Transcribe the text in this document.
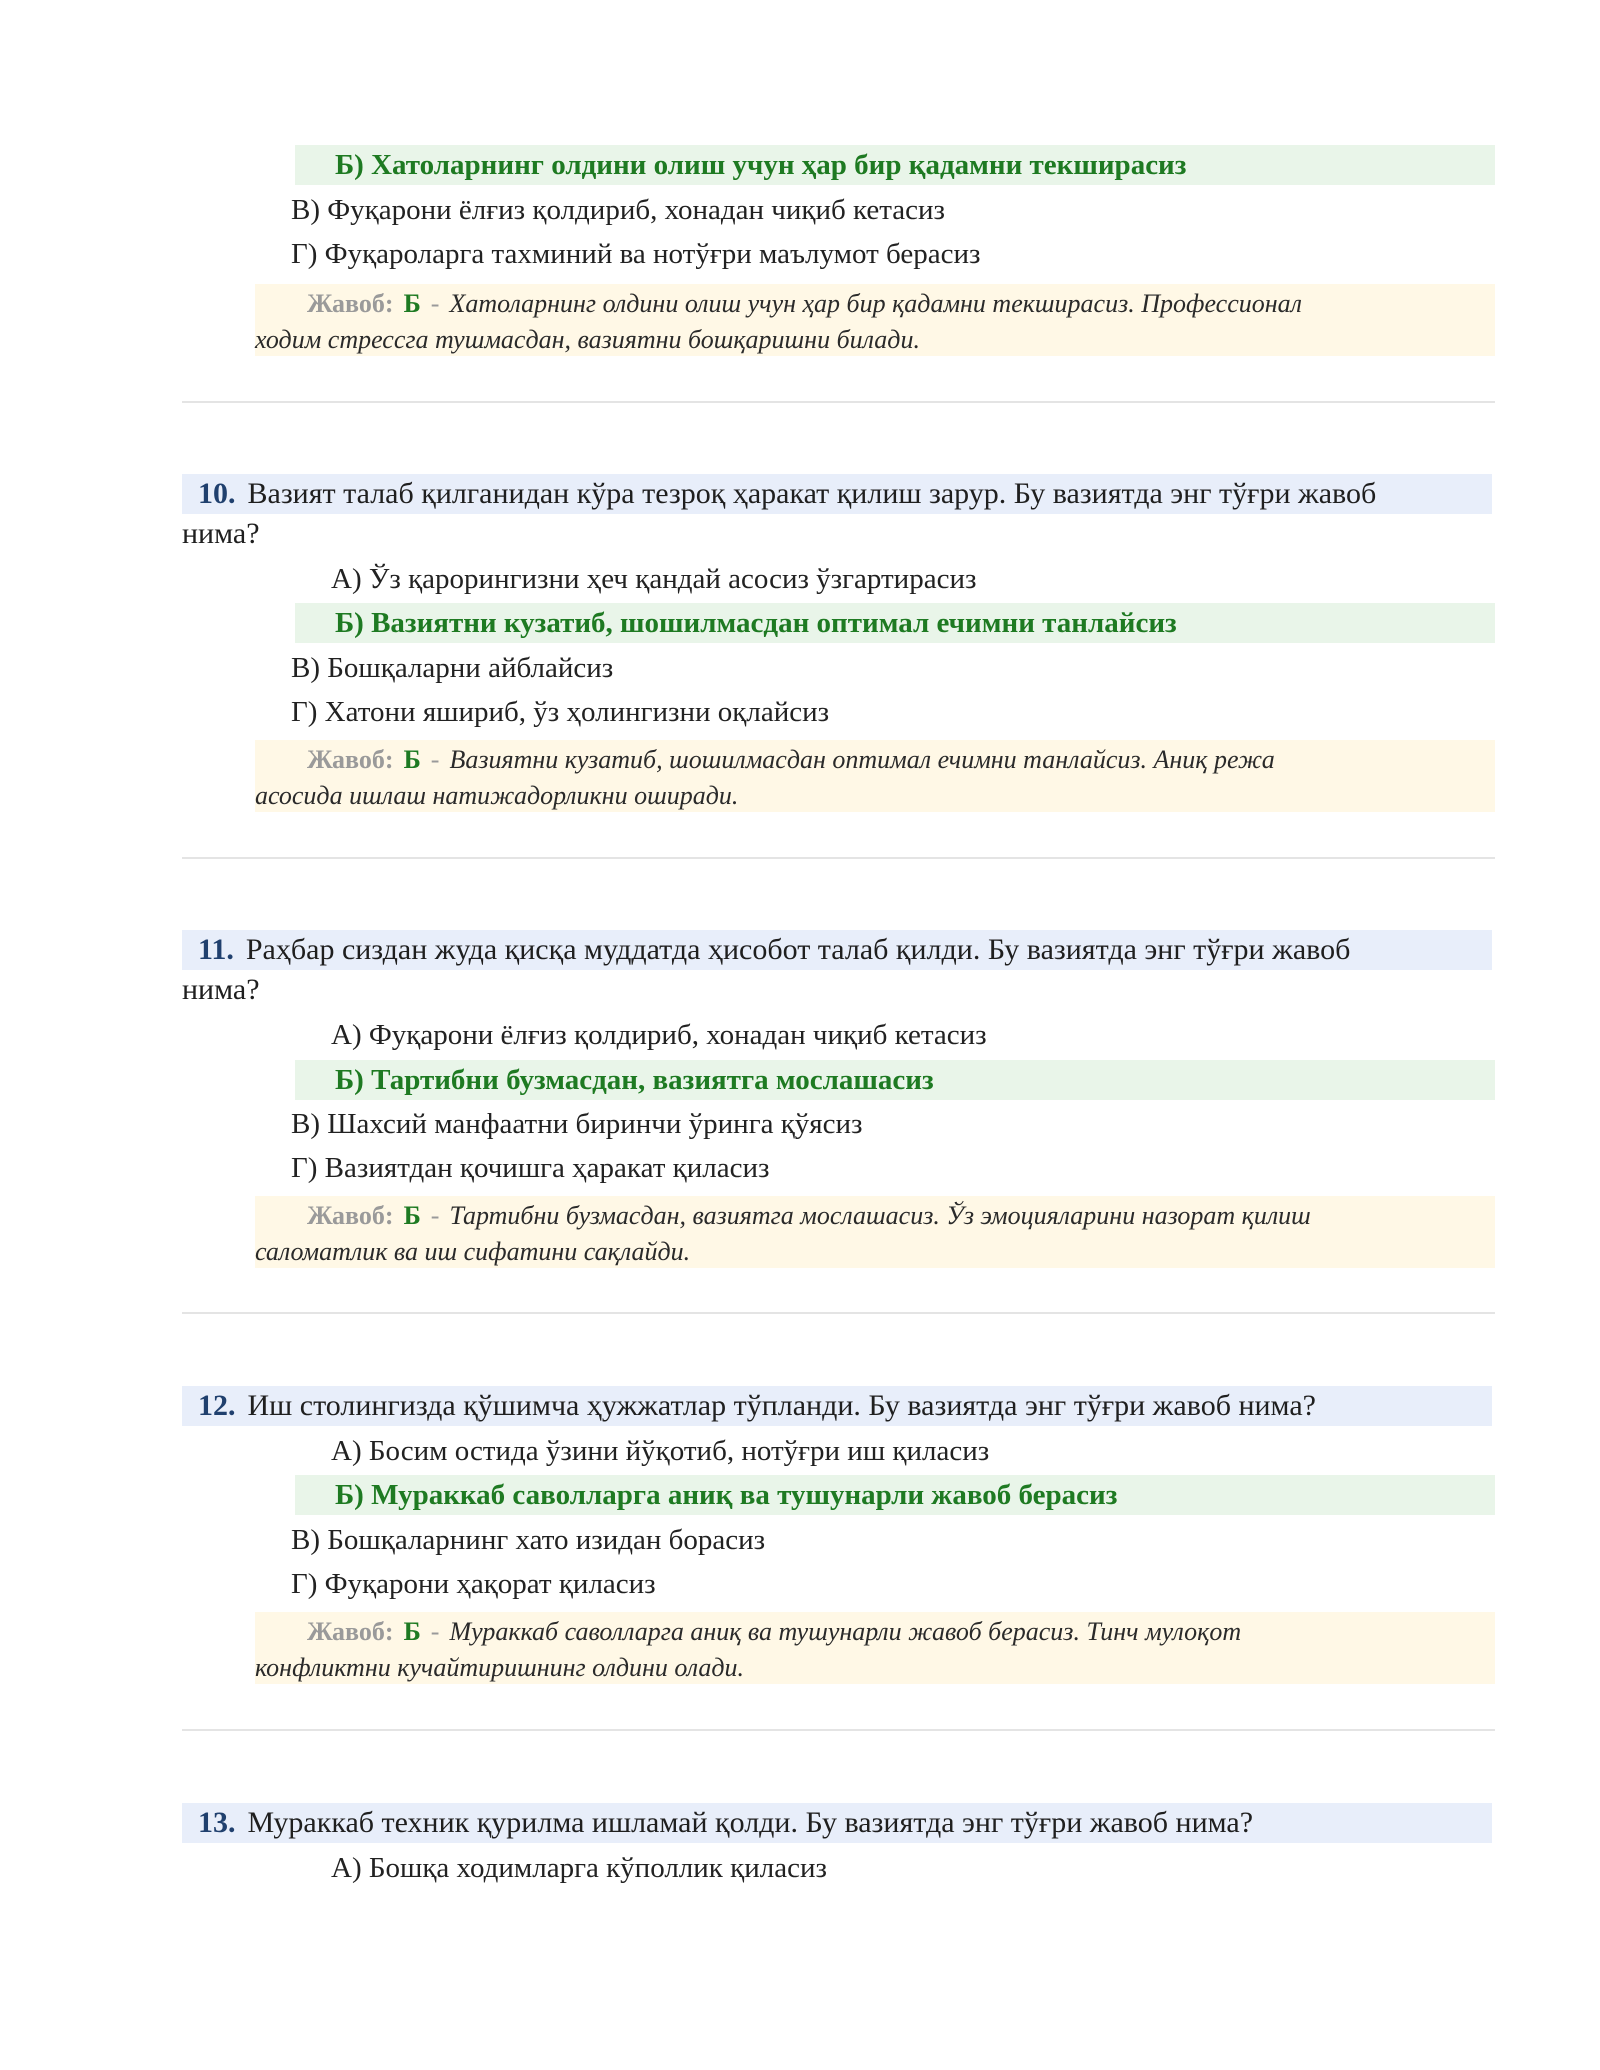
Б) Хатоларнинг олдини олиш учун ҳар бир қадамни текширасиз
В) Фуқарони ёлғиз қолдириб, хонадан чиқиб кетасиз
Г) Фуқароларга тахминий ва нотўғри маълумот берасиз
Жавоб: Б - Хатоларнинг олдини олиш учун ҳар бир қадамни текширасиз. Профессионал
ходим стрессга тушмасдан, вазиятни бошқаришни билади.
10. Вазият талаб қилганидан кўра тезроқ ҳаракат қилиш зарур. Бу вазиятда энг тўғри жавоб
нима?
А) Ўз қарорингизни ҳеч қандай асосиз ўзгартирасиз
Б) Вазиятни кузатиб, шошилмасдан оптимал ечимни танлайсиз
В) Бошқаларни айблайсиз
Г) Хатони яшириб, ўз ҳолингизни оқлайсиз
Жавоб: Б - Вазиятни кузатиб, шошилмасдан оптимал ечимни танлайсиз. Аниқ режа
асосида ишлаш натижадорликни оширади.
11. Раҳбар сиздан жуда қисқа муддатда ҳисобот талаб қилди. Бу вазиятда энг тўғри жавоб
нима?
А) Фуқарони ёлғиз қолдириб, хонадан чиқиб кетасиз
Б) Тартибни бузмасдан, вазиятга мослашасиз
В) Шахсий манфаатни биринчи ўринга қўясиз
Г) Вазиятдан қочишга ҳаракат қиласиз
Жавоб: Б - Тартибни бузмасдан, вазиятга мослашасиз. Ўз эмоцияларини назорат қилиш
саломатлик ва иш сифатини сақлайди.
12. Иш столингизда қўшимча ҳужжатлар тўпланди. Бу вазиятда энг тўғри жавоб нима?
А) Босим остида ўзини йўқотиб, нотўғри иш қиласиз
Б) Мураккаб саволларга аниқ ва тушунарли жавоб берасиз
В) Бошқаларнинг хато изидан борасиз
Г) Фуқарони ҳақорат қиласиз
Жавоб: Б - Мураккаб саволларга аниқ ва тушунарли жавоб берасиз. Тинч мулоқот
конфликтни кучайтиришнинг олдини олади.
13. Мураккаб техник қурилма ишламай қолди. Бу вазиятда энг тўғри жавоб нима?
А) Бошқа ходимларга кўполлик қиласиз
